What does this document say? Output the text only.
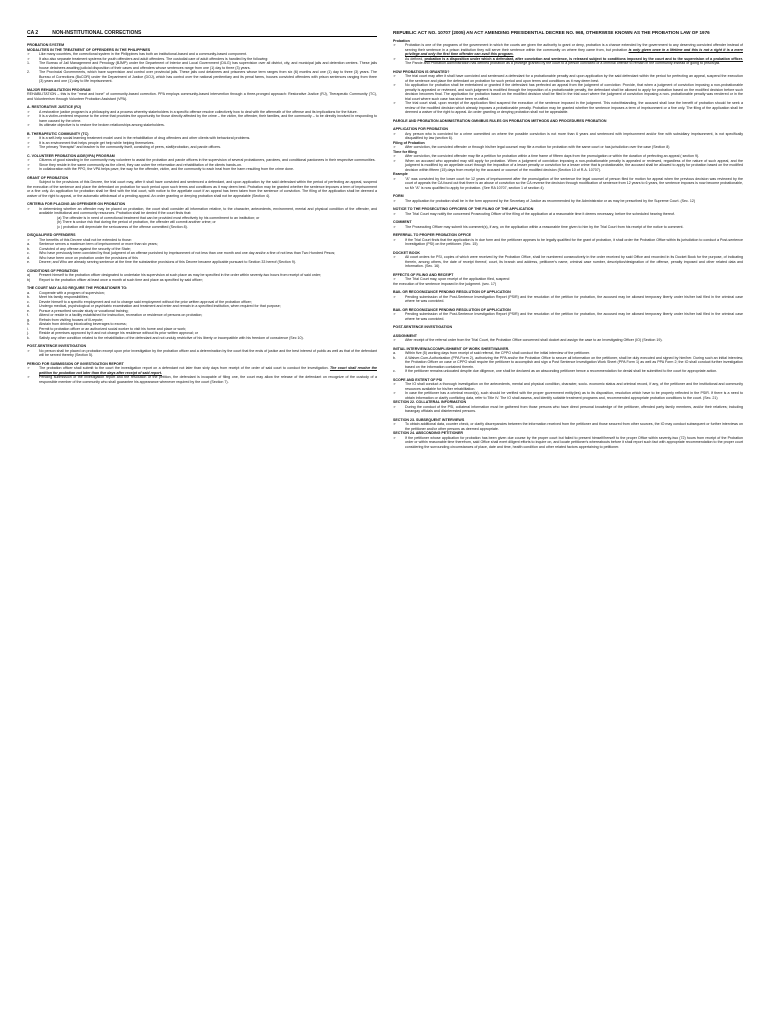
CA 2	NON-INSTITUTIONAL CORRECTIONS
PROBATION SYSTEM
MODALITIES IN THE TREATMENT OF OFFENDERS IN THE PHILIPPINES
➢	Like many countries, the correctional system in the Philippines has both an institutional-based and a community-based component.
➢	It also also separate treatment systems for youth offenders and adult offenders. The custodial care of adult offenders is handled by the following:
1.	The Bureau of Jail Management and Penology (BJMP) under the Department of Interior and Local Government (DILG) has supervision over all district, city, and municipal jails and detention centers. These jails house detainees awaiting judicial disposition of their cases and offenders whose sentences range from one (1) day to three (3) years.
2.	The Provincial Governments, which have supervision and control over provincial jails. These jails cost detainees and prisoners whose term ranges from six (6) months and one (1) day to three (3) years. The Bureau of Corrections (BuCOR) under the Department of Justice (DOJ), which has control over the national penitentiary and its penal farms, houses convicted offenders with prison sentences ranging from three (3) years and one (1) day to life imprisonment.
MAJOR REHABILITATION PROGRAM

REHABILITATION – this is the "meat and bone" of community-based correction. PPA employs community-based intervention through a three-pronged approach: Restorative Justice (RJ), Therapeutic Community (TC), and Volunteerism through Volunteer Probation Assistant (VPA).

A. RESTORATIVE JUSTICE (RJ)
➢	A restorative justice program is a philosophy and a process whereby stakeholders in a specific offense resolve collectively how to deal with the aftermath of the offense and its implications for the future.
➢	It is a victim-centered response to the crime that provides the opportunity for those directly affected by the crime – the victim, the offender, their families, and the community – to be directly involved in responding to harm caused by the crime.
➢	Its ultimate objective is to restore the broken relationships among stakeholders.
B. THERAPEUTIC COMMUNITY (TC)
➢	It is a self-help social learning treatment model used in the rehabilitation of drug offenders and other clients with behavioral problems.
➢	It is an environment that helps people get help while helping themselves.
➢	The primary "therapist" and teacher is the community itself, consisting of peers, staff/probation, and parole officers.
C. VOLUNTEER PROBATION AIDE(VPA) PROGRAM
➢	Citizens of good standing in the community may volunteer to assist the probation and parole officers in the supervision of several probationers, parolees, and conditional pardonees in their respective communities.
➢	Since they reside in the same community as the client, they can usher the reformation and rehabilitation of the clients hands-on.
➢	In collaboration with the PPO, the VPA helps pave, the way for the offender, victim, and the community to each heal from the harm resulting from the crime done.
GRANT OF PROBATION

Subject to the provisions of this Decree, the trial court may, after it shall have convicted and sentenced a defendant, and upon application by the said defendant within the period of perfecting an appeal, suspend the execution of the sentence and place the defendant on probation for such period upon such terms and conditions as it may deem best. Probation may be granted whether the sentence imposes a term of imprisonment or a fine only. An application for probation shall be filed with the trial court, with notice to the appellate court if an appeal has been taken from the sentence of conviction. The filing of the application shall be deemed a waiver of the right to appeal, or the automatic withdrawal of a pending appeal. An order granting or denying probation shall not be appealable (Section 4).

CRITERIA FOR PLACING AN OFFENDER ON PROBATION
➢	In determining whether an offender may be placed on probation, the court shall consider all information relative, to the character, antecedents, environment, mental and physical condition of the offender, and available institutional and community resources. Probation shall be denied if the court finds that:
(a) The offender is in need of correctional treatment that can be provided most effectively by his commitment to an institution; or
(b) There is undue risk that during the period of probation, the offender will commit another crime; or
(c ) probation will depreciate the seriousness of the offense committed (Section 8).
DISQUALIFIED OFFENDERS
➢	The benefits of this Decree shall not be extended to those:
a.	Sentence serves a maximum term of imprisonment or more than six years;
b.	Convicted of any offense against the security of the State;
c.	Who have previously been convicted by final judgment of an offense punished by imprisonment of not less than one month and one day and/or a fine of not less than Two Hundred Pesos;
d.	Who have been once on probation under the provisions of this
e.	Decree; and Who are already serving sentence at the time the substantive provisions of this Decree became applicable pursuant to Section 33 hereof (Section 9).
CONDITIONS OF PROBATION
a)	Present himself to the probation officer designated to undertake his supervision at such place as may be specified in the order within seventy-two hours from receipt of said order;
b)	Report to the probation officer at least once a month at such time and place as specified by said officer;
THE COURT MAY ALSO REQUIRE THE PROBATIONER TO:
a.	Cooperate with a program of supervision;
b.	Meet his family responsibilities;
c.	Devote himself to a specific employment and not to change said employment without the prior written approval of the probation officer;
d.	Undergo medical, psychological or psychiatric examination and treatment and enter and remain in a specified institution, when required for that purpose;
e.	Pursue a prescribed secular study or vocational training;
f.	Attend or reside in a facility established for instruction, recreation or residence of persons on probation;
g.	Refrain from visiting houses of ill-repute;
h.	Abstain from drinking intoxicating beverages to excess;
i.	Permit to probation officer or an authorized social worker to visit his home and place or work;
j.	Reside at premises approved by it and not change his residence without its prior written approval; or
k.	Satisfy any other condition related to the rehabilitation of the defendant and not unduly restrictive of his liberty or incompatible with his freedom of conscience (Sec 10).
POST-SENTENCE INVESTIGATION
➢	No person shall be placed on probation except upon prior investigation by the probation officer and a determination by the court that the ends of justice and the best interest of public as well as that of the defendant will be served thereby (Section 5).
PERIOD FOR SUBMISSION OF INVESTIGATION REPORT
➢	The probation officer shall submit to the court the investigation report on a defendant not later than sixty days from receipt of the order of said court to conduct the investigation. The court shall resolve the petition for probation not later than five days after receipt of said report.
➢	Pending submission of the investigation report and the resolution of the petition, the defendant is incapable of filing one, the court may allow the release of the defendant on recognize of the custody of a responsible member of the community who shall guarantee his appearance whenever required by the court (Section 7).
REPUBLIC ACT NO. 10707 (2005) AN ACT AMENDING PRESIDENTIAL DECREE NO. 968, OTHERWISE KNOWN AS THE PROBATION LAW OF 1976
Probation
➢	Probation is one of the programs of the government in which the courts are given the authority to grant or deny, probation is a chance extended by the government to any deserving convicted offender instead of serving their sentence in a prison institution they will serve their sentence within the community on where they came from, but probation is only given once in a lifetime and this is not a right it is a mere privilege and only the first time offender can avail this program.
➢	As defined, probation is a disposition under which a defendant, after conviction and sentence, is released subject to conditions imposed by the court and to the supervision of a probation officer. The Parole and Probation Administration has defined probation as a privilege granted by the court to a person convicted of a criminal offense to remain in the community instead of going to prison/jail.
HOW PROBATION IS GRANTED?
➢	The trial court may after it shall have convicted and sentenced a defendant for a probationable penalty and upon application by the said defendant within the period for perfecting an appeal, suspend the execution of the sentence and place the defendant on probation for such period and upon terms and conditions as it may deem best.
➢	No application for probation shall be entertained or granted if the defendant has perfected an appeal from the judgment of conviction: Provide, that when a judgment of conviction imposing a non-probationable penalty is appealed or reviewed, and such judgment is modified through the imposition of a probationable penalty, the defendant shall be allowed to apply for probation based on the modified decision before such decision becomes final. The application for probation based on the modified decision shall be filed in the trial court where the judgment of conviction imposing a non- probationable penalty was rendered or in the trial court where such case has since been re-raffled.
➢	The trial court shall, upon receipt of the application filed suspend the execution of the sentence imposed in the judgment. This notwithstanding, the accused shall lose the benefit of probation should he seek a review of the modified decision which already imposes a probationable penalty. Probation may be granted whether the sentence imposes a term of imprisonment or a fine only. The filing of the application shall be deemed a waiver of the right to appeal. An order granting or denying probation shall not be appealable.
PAROLE AND PROBATION ADMINISTRATION OMNIBUS RULES ON PROBATION METHODS AND PROCEDURES PROBATION
APPLICATION FOR PROBATION
➢	Any person who is convicted for a crime committed on where the possible conviction is not more than 6 years and sentenced with imprisonment and/or fine with subsidiary imprisonment, is not specifically disqualified by law (section 6).
Filing of Probation
➢	After conviction, the convicted offender or through his/her legal counsel may file a motion for probation with the same court or has jurisdiction over the case (Section 8)
Time for filing
➢	After conviction, the convicted offender may file a petition for probation within a time frame of fifteen days from the promulgation or within the duration of perfecting an appeal ( section 9).
➢	When an accused who appealed may still apply for probation. When a judgment of conviction imposing a non-probationable penalty is appealed or reviewed, regardless of the nature of such appeal, and the judgment is modified by an appellate court through the imposition of a lesser penalty or conviction for a lesser crime that is probationable, the accused shall be allowed to apply for probation based on the modified decision within fifteen (15) days from receipt by the accused or counsel of the modified decision (Section 10 of R.A. 10707).
Example
➢	"A" was convicted by the lower court for 12 years of imprisonment after the promulgation of the sentence the legal counsel of person filed for motion for appeal when the previous decision was reviewed by the court of appeals the CA found out that there is an abuse of conviction so the CA reverse the decision through modification of sentence from 12 years to 6 years, the sentence imposes is now become probationable, so Mr "A" is now qualified to apply for probation. (See RA 10707, section 1 of section 4)
FORM
➢	The application for probation shall be in the form approved by the Secretary of Justice as recommended by the Administrator or as may be prescribed by the Supreme Court. (Sec. 12)
NOTICE TO THE PROSECUTING OFFICERS OF THE FILING OF THE APPLICATION
➢	The Trial Court may notify the concerned Prosecuting Officer of the filing of the application at a reasonable time it deems necessary, before the scheduled hearing thereof.
COMMENT
➢	The Prosecuting Officer may submit his comment(s), if any, on the application within a reasonable time given to him by the Trial Court from his receipt of the notice to comment.
REFERRAL TO PROPER PROBATION OFFICE
➢	If the Trial Court finds that the application is in due form and the petitioner appears to be legally qualified for the grant of probation, it shall order the Probation Office within its jurisdiction to conduct a Post-sentence Investigation (PSI) on the petitioner. (Sec. 15)
DOCKET BOOK
➢	All court orders for PSI, copies of which were received by the Probation Office, shall be numbered consecutively in the order received by said Office and recorded in its Docket Book for the purpose, of indicating therein, among others, the date of receipt thereof, court, its branch and address, petitioner's name, criminal case number, description/designation of the offense, penalty imposed and other related data and information. (Sec. 16)
EFFECTS OF FILING AND RECEIPT
➢	The Trial Court may, upon receipt of the application filed, suspend

the execution of the sentence imposed in the judgment. (sec. 17)

BAIL OR RECOGNIZANCE PENDING RESOLUTION OF APPLICATION
➢	Pending submission of the Post-Sentence Investigation Report (PSIR) and the resolution of the petition for probation, the accused may be allowed temporary liberty under his/her bail filed in the criminal case where he was convicted.
BAIL OR RECOGNIZANCE PENDING RESOLUTION OF APPLICATION
➢	Pending submission of the Post-Sentence Investigation Report (PSIR) and the resolution of the petition for probation, the accused may be allowed temporary liberty under his/her bail filed in the criminal case where he was convicted.
POST-SENTENCE INVESTIGATION
ASSIGNMENT
➢	After receipt of the referral order from the Trial Court, the Probation Office concerned shall docket and assign the case to an Investigating Officer (IO) (Section 19).
INITIAL INTERVIEW/ACCOMPLISHMENT OF WORK SHEET/WAIVER.
a.	Within five (5) working days from receipt of said referral, the CPPO shall conduct the initial interview of the petitioner.
b.	A Waiver-Cum-Authorization (PPA Form 2), authorizing the PPA and/or the Probation Office to secure all information on the petitioner, shall be duly executed and signed by him/her. During such an initial interview, the Probation Officer on case or CPPO shall require the petitioner to accomplish and sign a Post Sentence Investigation Work Sheet (PPA Form 1) as well as PPA Form 2; the IO shall conduct further investigation based on the information contained therein.
c.	If the petitioner remains unlocated despite due diligence, one shall be declared as an absconding petitioner hence a recommendation for denial shall be submitted to the court for appropriate action.
SCOPE AND EXTENT OF PSI
➢	The IO shall conduct a thorough investigation on the antecedents, mental and physical condition, character, socio- economic status and criminal record, if any, of the petitioner and the institutional and community resources available for his/her rehabilitation.
➢	In case the petitioner has a criminal record(s), such should be verified with the proper government entity(ies) as to its disposition, resolution which have to be properly reflected in the PSIR. If there is a need to obtain information or clarify conflicting data, refer to Title IV. The IO shall assess, and identify suitable treatment programs and, recommended appropriate probation conditions to the court. (Sec. 21)
SECTION 22. COLLATERAL INFORMATION
➢	During the conduct of the PSI, collateral information must be gathered from those persons who have direct personal knowledge of the petitioner, offended party family members, and/or their relatives; including barangay officials and disinterested persons.
SECTION 23. SUBSEQUENT INTERVIEWS
➢	To obtain additional data, counter check, or clarify discrepancies between the information received from the petitioner and those secured from other sources, the IO may conduct subsequent or further interviews on the petitioner and/or other persons as deemed appropriate.
SECTION 24. ABSCONDING PETITIONER
➢	If the petitioner whose application for probation has been given due course by the proper court but failed to present himself/herself to the proper Office within seventy-two (72) hours from receipt of the Probation order or within reasonable time therefrom, said Office shall exert diligent efforts to inquire on, and locate petitioner's whereabouts before it shall report such fact with appropriate recommendation to the proper court considering the surrounding circumstances of place, date and time, health condition and other related factors appertaining to petitioner.
